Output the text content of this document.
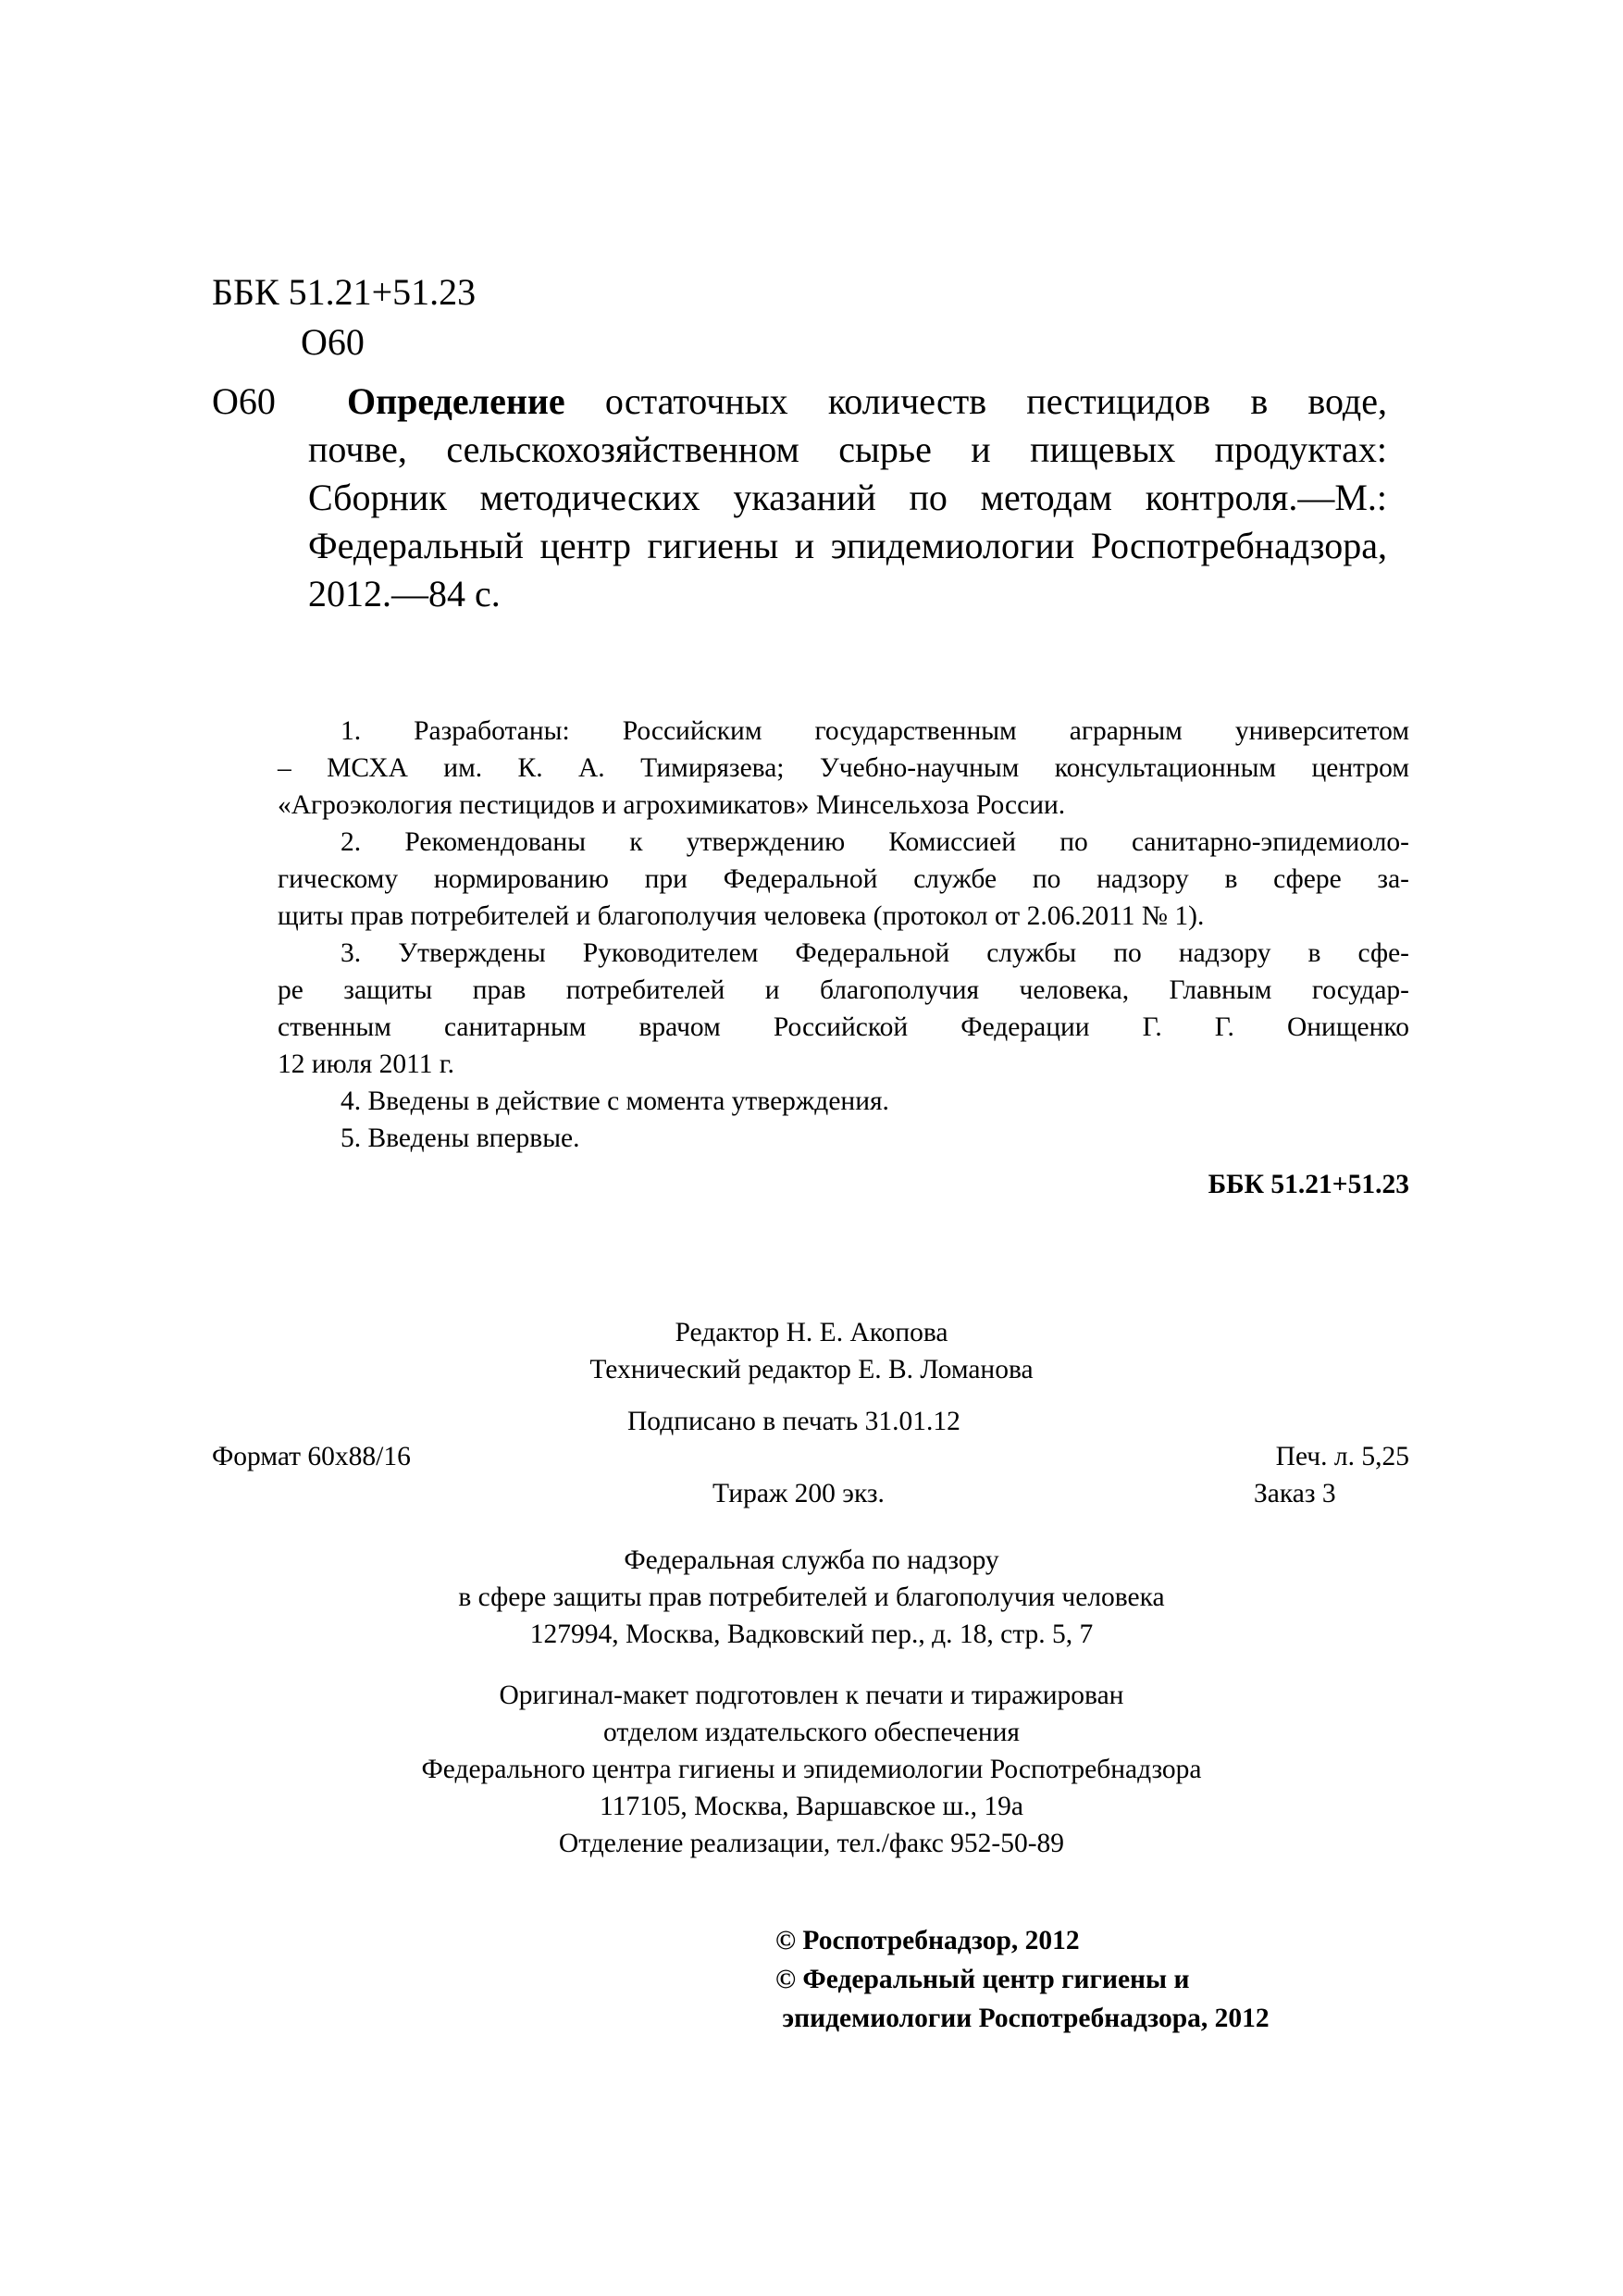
ББК 51.21+51.23
О60
О60 Определение остаточных количеств пестицидов в воде,
почве, сельскохозяйственном сырье и пищевых продуктах:
Сборник методических указаний по методам контроля.—М.:
Федеральный центр гигиены и эпидемиологии Роспотребнадзора,
2012.—84 с.
1. Разработаны: Российским государственным аграрным университетом
– МСХА им. К. А. Тимирязева; Учебно-научным консультационным центром
«Агроэкология пестицидов и агрохимикатов» Минсельхоза России.
2. Рекомендованы к утверждению Комиссией по санитарно-эпидемиоло-
гическому нормированию при Федеральной службе по надзору в сфере за-
щиты прав потребителей и благополучия человека (протокол от 2.06.2011 № 1).
3. Утверждены Руководителем Федеральной службы по надзору в сфе-
ре защиты прав потребителей и благополучия человека, Главным государ-
ственным санитарным врачом Российской Федерации Г. Г. Онищенко
12 июля 2011 г.
4. Введены в действие с момента утверждения.
5. Введены впервые.
ББК 51.21+51.23
Редактор Н. Е. Акопова
Технический редактор Е. В. Ломанова
Подписано в печать 31.01.12
Формат 60x88/16	Печ. л. 5,25
Тираж 200 экз.	Заказ 3
Федеральная служба по надзору
в сфере защиты прав потребителей и благополучия человека
127994, Москва, Вадковский пер., д. 18, стр. 5, 7
Оригинал-макет подготовлен к печати и тиражирован
отделом издательского обеспечения
Федерального центра гигиены и эпидемиологии Роспотребнадзора
117105, Москва, Варшавское ш., 19а
Отделение реализации, тел./факс 952-50-89
© Роспотребнадзор, 2012
© Федеральный центр гигиены и
эпидемиологии Роспотребнадзора, 2012
